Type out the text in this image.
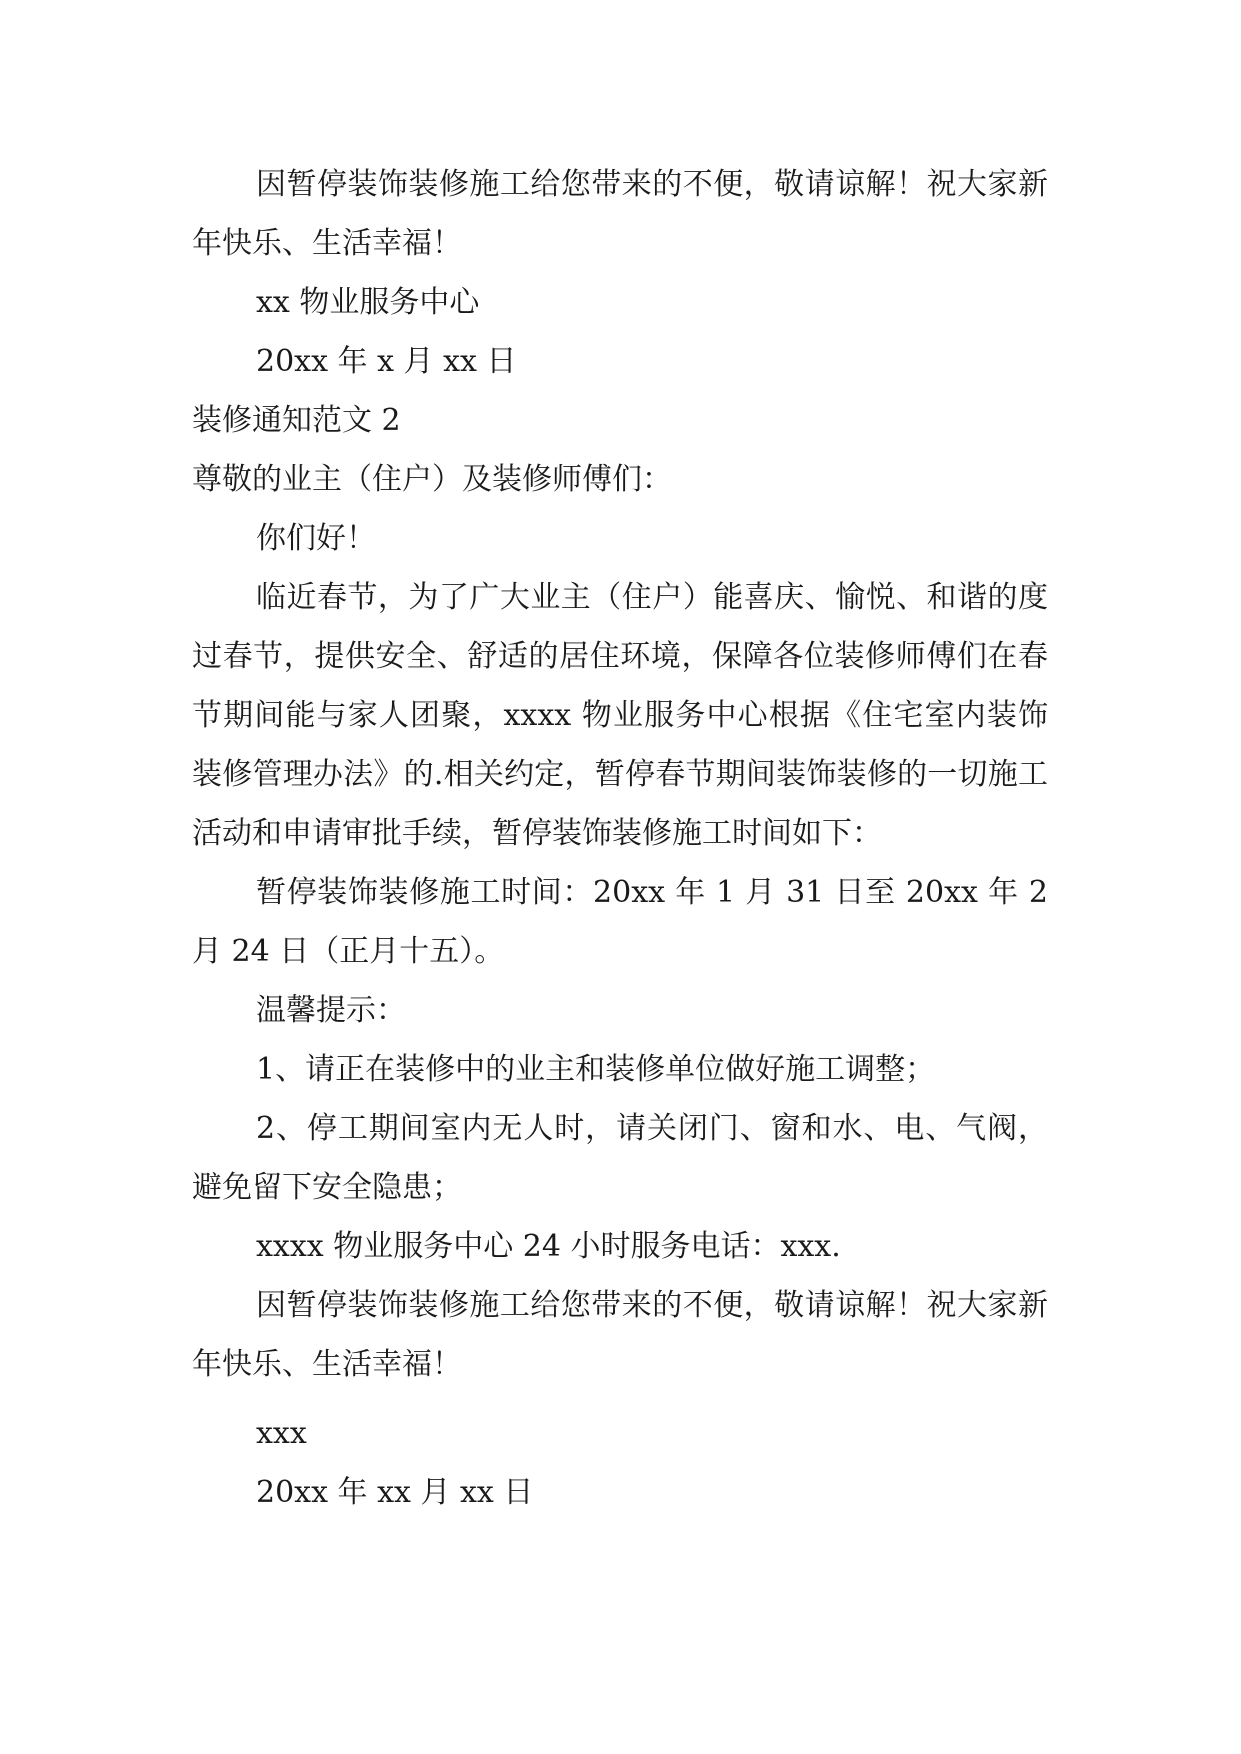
因暂停装饰装修施工给您带来的不便，敬请谅解！祝大家新年快乐、生活幸福！

xx 物业服务中心

20xx 年 x 月 xx 日

装修通知范文 2

尊敬的业主（住户）及装修师傅们：

你们好！

临近春节，为了广大业主（住户）能喜庆、愉悦、和谐的度过春节，提供安全、舒适的居住环境，保障各位装修师傅们在春节期间能与家人团聚，xxxx 物业服务中心根据《住宅室内装饰装修管理办法》的.相关约定，暂停春节期间装饰装修的一切施工活动和申请审批手续，暂停装饰装修施工时间如下：

暂停装饰装修施工时间：20xx 年 1 月 31 日至 20xx 年 2 月 24 日（正月十五）。

温馨提示：

1、请正在装修中的业主和装修单位做好施工调整；

2、停工期间室内无人时，请关闭门、窗和水、电、气阀，避免留下安全隐患；

xxxx 物业服务中心 24 小时服务电话：xxx.

因暂停装饰装修施工给您带来的不便，敬请谅解！祝大家新年快乐、生活幸福！

xxx

20xx 年 xx 月 xx 日
